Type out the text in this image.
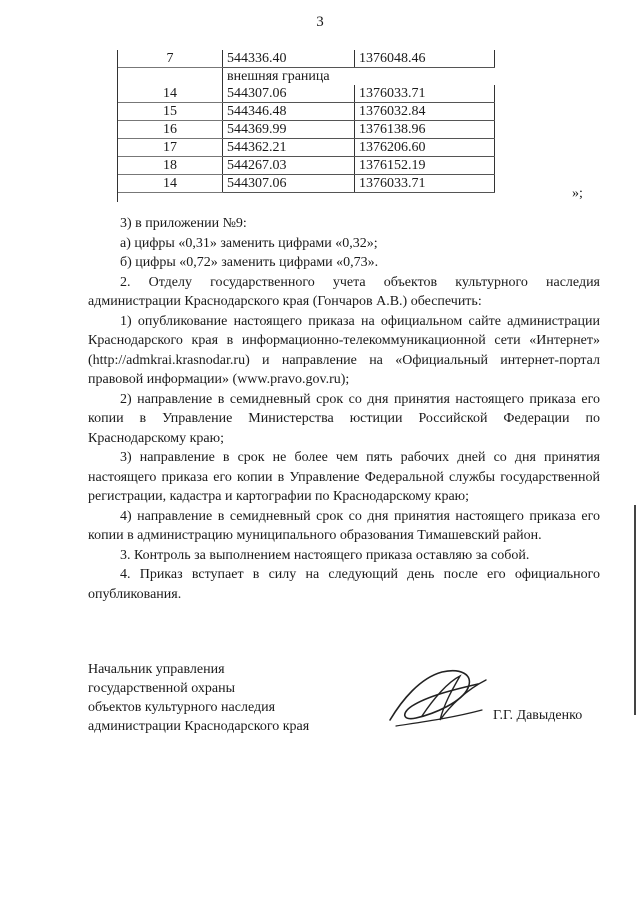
3
7	544336.40	1376048.46
	внешняя граница	
14	544307.06	1376033.71
15	544346.48	1376032.84
16	544369.99	1376138.96
17	544362.21	1376206.60
18	544267.03	1376152.19
14	544307.06	1376033.71
»;

3) в приложении №9:

а) цифры «0,31» заменить цифрами «0,32»;

б) цифры «0,72» заменить цифрами «0,73».

2. Отделу государственного учета объектов культурного наследия администрации Краснодарского края (Гончаров А.В.) обеспечить:

1) опубликование настоящего приказа на официальном сайте администрации Краснодарского края в информационно-телекоммуникационной сети «Интернет» (http://admkrai.krasnodar.ru) и направление на «Официальный интернет-портал правовой информации» (www.pravo.gov.ru);

2) направление в семидневный срок со дня принятия настоящего приказа его копии в Управление Министерства юстиции Российской Федерации по Краснодарскому краю;

3) направление в срок не более чем пять рабочих дней со дня принятия настоящего приказа его копии в Управление Федеральной службы государственной регистрации, кадастра и картографии по Краснодарскому краю;

4) направление в семидневный срок со дня принятия настоящего приказа его копии в администрацию муниципального образования Тимашевский район.

3. Контроль за выполнением настоящего приказа оставляю за собой.

4. Приказ вступает в силу на следующий день после его официального опубликования.

Начальник управления
государственной охраны
объектов культурного наследия
администрации Краснодарского края
Г.Г. Давыденко
